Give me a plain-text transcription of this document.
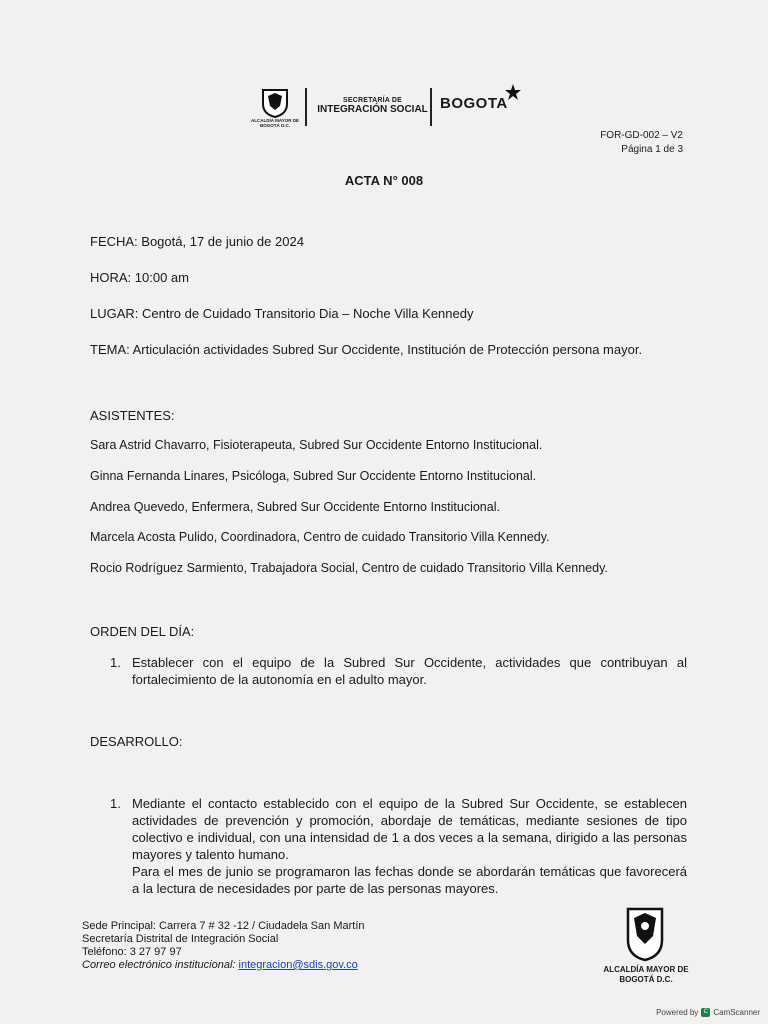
ALCALDÍA MAYOR DE BOGOTÁ D.C.
SECRETARÍA DE
INTEGRACIÓN SOCIAL BOGOTA
FOR-GD-002 – V2
Página 1 de 3
ACTA N° 008
FECHA: Bogotá, 17 de junio de 2024
HORA: 10:00 am
LUGAR: Centro de Cuidado Transitorio Dia – Noche Villa Kennedy
TEMA: Articulación actividades Subred Sur Occidente, Institución de Protección persona mayor.
ASISTENTES:
Sara Astrid Chavarro, Fisioterapeuta, Subred Sur Occidente Entorno Institucional.
Ginna Fernanda Linares, Psicóloga, Subred Sur Occidente Entorno Institucional.
Andrea Quevedo, Enfermera, Subred Sur Occidente Entorno Institucional.
Marcela Acosta Pulido, Coordinadora, Centro de cuidado Transitorio Villa Kennedy.
Rocio Rodríguez Sarmiento, Trabajadora Social, Centro de cuidado Transitorio Villa Kennedy.
ORDEN DEL DÍA:
1. Establecer con el equipo de la Subred Sur Occidente, actividades que contribuyan al fortalecimiento de la autonomía en el adulto mayor.
DESARROLLO:
1. Mediante el contacto establecido con el equipo de la Subred Sur Occidente, se establecen actividades de prevención y promoción, abordaje de temáticas, mediante sesiones de tipo colectivo e individual, con una intensidad de 1 a dos veces a la semana, dirigido a las personas mayores y talento humano.
Para el mes de junio se programaron las fechas donde se abordarán temáticas que favorecerá a la lectura de necesidades por parte de las personas mayores.
Sede Principal: Carrera 7 # 32 -12 / Ciudadela San Martín
Secretaría Distrital de Integración Social
Teléfono: 3 27 97 97
Correo electrónico institucional: integracion@sdis.gov.co	ALCALDÍA MAYOR DE BOGOTÁ D.C.
Powered by C CamScanner
